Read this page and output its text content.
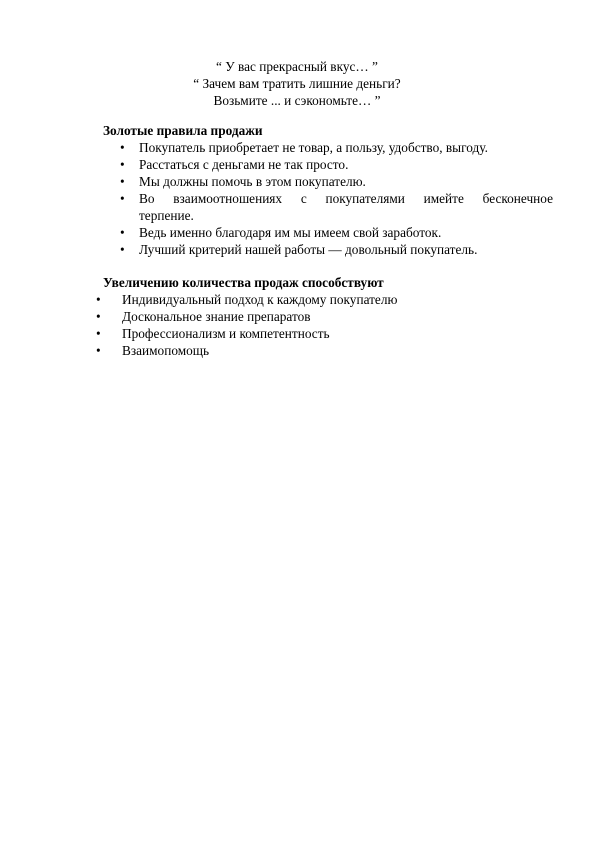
“ У вас прекрасный вкус… ”
“ Зачем вам тратить лишние деньги?
Возьмите ... и сэкономьте… ”
Золотые правила продажи
• Покупатель приобретает не товар, а пользу, удобство, выгоду.
• Расстаться с деньгами не так просто.
• Мы должны помочь в этом покупателю.
• Во взаимоотношениях с покупателями имейте бесконечное
терпение.
• Ведь именно благодаря им мы имеем свой заработок.
• Лучший критерий нашей работы — довольный покупатель.
Увеличению количества продаж способствуют
• Индивидуальный подход к каждому покупателю
• Доскональное знание препаратов
• Профессионализм и компетентность
• Взаимопомощь
